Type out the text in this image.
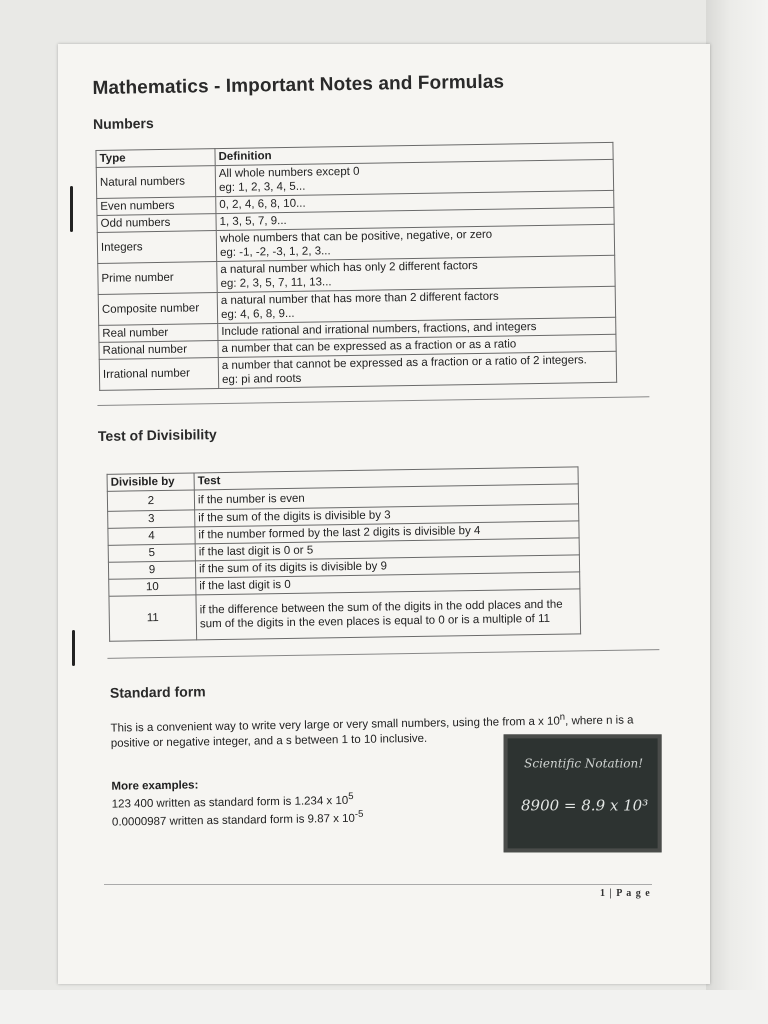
Mathematics - Important Notes and Formulas
Numbers
Type	Definition
Natural numbers	All whole numbers except 0
eg: 1, 2, 3, 4, 5...

Even numbers	0, 2, 4, 6, 8, 10...

Odd numbers	1, 3, 5, 7, 9...

Integers	whole numbers that can be positive, negative, or zero
eg: -1, -2, -3, 1, 2, 3...

Prime number	a natural number which has only 2 different factors
eg: 2, 3, 5, 7, 11, 13...

Composite number	a natural number that has more than 2 different factors
eg: 4, 6, 8, 9...

Real number	Include rational and irrational numbers, fractions, and integers

Rational number	a number that can be expressed as a fraction or as a ratio

Irrational number	a number that cannot be expressed as a fraction or a ratio of 2 integers.
eg: pi and roots
Test of Divisibility
Divisible by	Test
2	if the number is even
3	if the sum of the digits is divisible by 3
4	if the number formed by the last 2 digits is divisible by 4
5	if the last digit is 0 or 5
9	if the sum of its digits is divisible by 9
10	if the last digit is 0
11	if the difference between the sum of the digits in the odd places and the sum of the digits in the even places is equal to 0 or is a multiple of 11
Standard form

This is a convenient way to write very large or very small numbers, using the from a x 10$^n$, where n is a positive or negative integer, and a s between 1 to 10 inclusive.

More examples:
123 400 written as standard form is 1.234 x $10^5$
0.0000987 written as standard form is 9.87 x $10^{-5}$
Scientific Notation!
8900 = 8.9 x 10³
1 | P a g e
